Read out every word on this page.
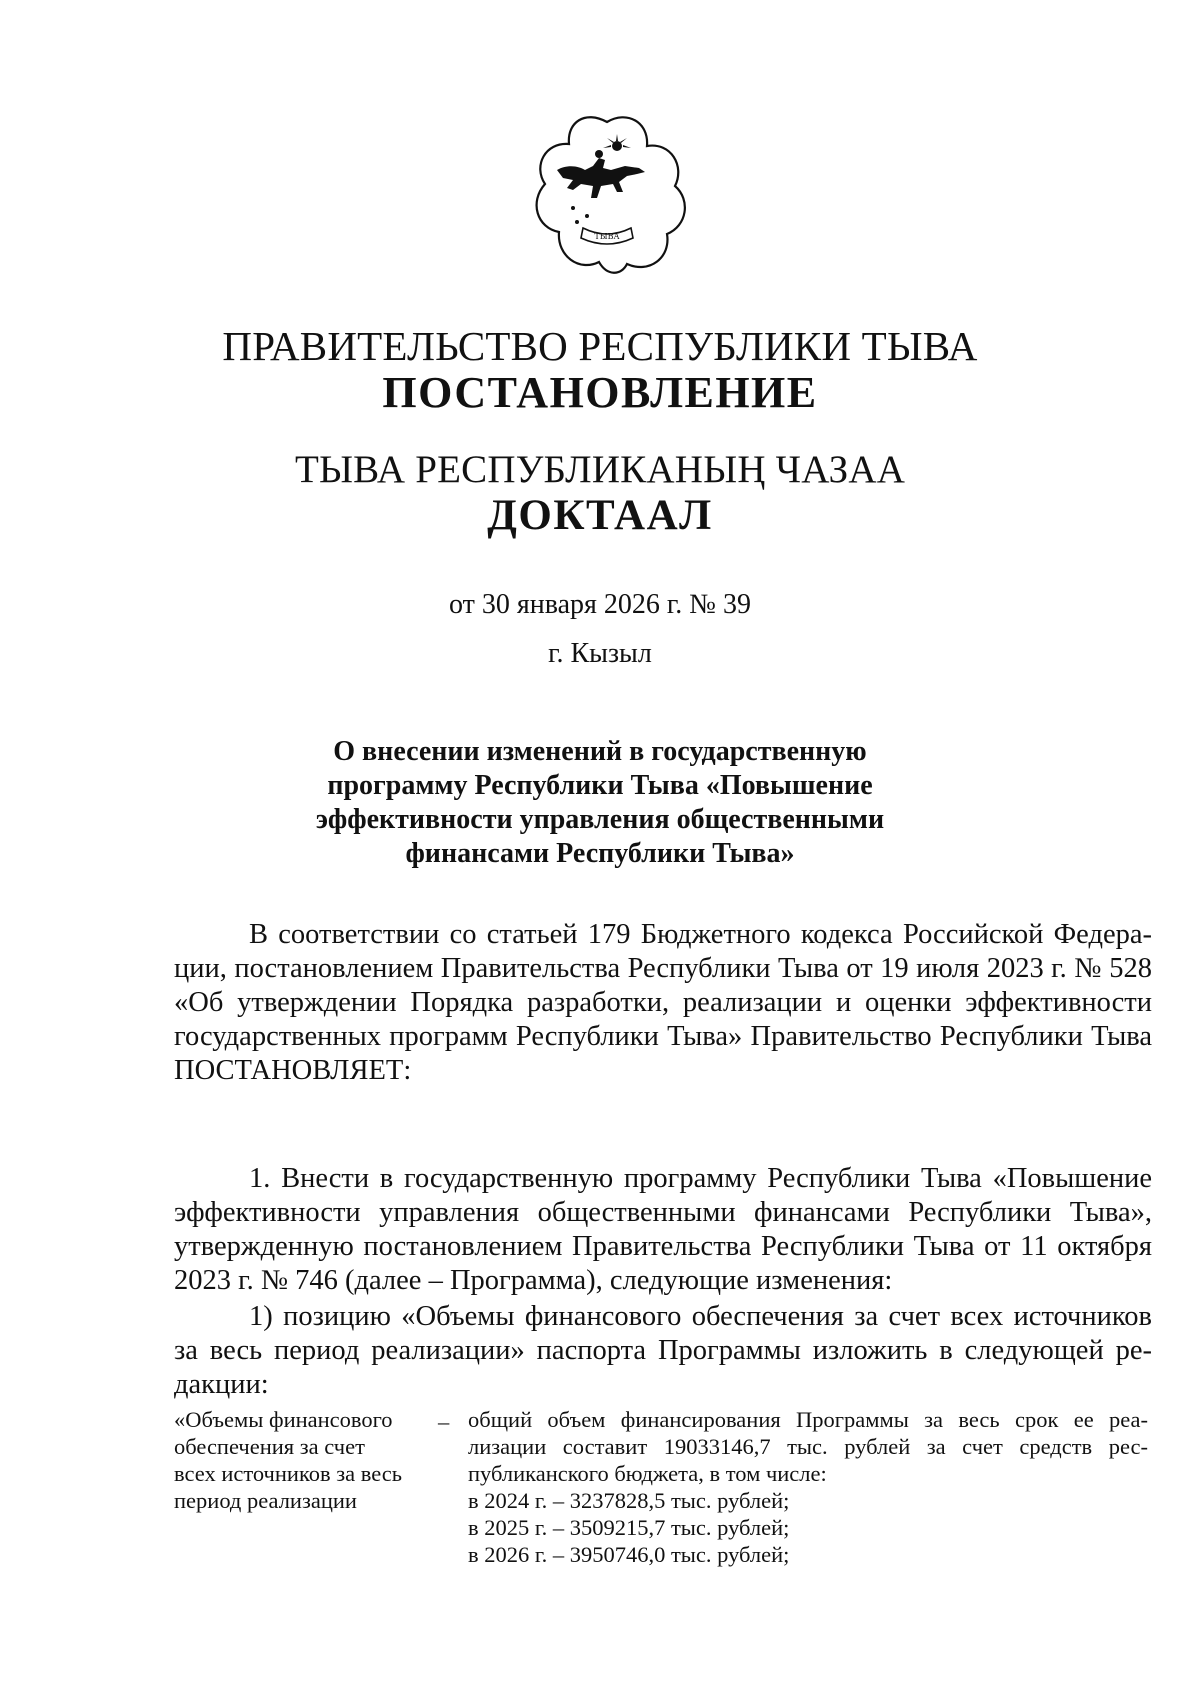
ТЫВА
ПРАВИТЕЛЬСТВО РЕСПУБЛИКИ ТЫВА
ПОСТАНОВЛЕНИЕ
ТЫВА РЕСПУБЛИКАНЫҢ ЧАЗАА
ДОКТААЛ
от 30 января 2026 г. № 39
г. Кызыл
О внесении изменений в государственную
программу Республики Тыва «Повышение
эффективности управления общественными
финансами Республики Тыва»
В соответствии со статьей 179 Бюджетного кодекса Российской Федера-
ции, постановлением Правительства Республики Тыва от 19 июля 2023 г. № 528
«Об утверждении Порядка разработки, реализации и оценки эффективности
государственных программ Республики Тыва» Правительство Республики Тыва
ПОСТАНОВЛЯЕТ:
1. Внести в государственную программу Республики Тыва «Повышение
эффективности управления общественными финансами Республики Тыва»,
утвержденную постановлением Правительства Республики Тыва от 11 октября
2023 г. № 746 (далее – Программа), следующие изменения:
1) позицию «Объемы финансового обеспечения за счет всех источников
за весь период реализации» паспорта Программы изложить в следующей ре-
дакции:
«Объемы финансового
обеспечения за счет
всех источников за весь
период реализации
– общий объем финансирования Программы за весь срок ее реа-
лизации составит 19033146,7 тыс. рублей за счет средств рес-
публиканского бюджета, в том числе:
в 2024 г. – 3237828,5 тыс. рублей;
в 2025 г. – 3509215,7 тыс. рублей;
в 2026 г. – 3950746,0 тыс. рублей;
